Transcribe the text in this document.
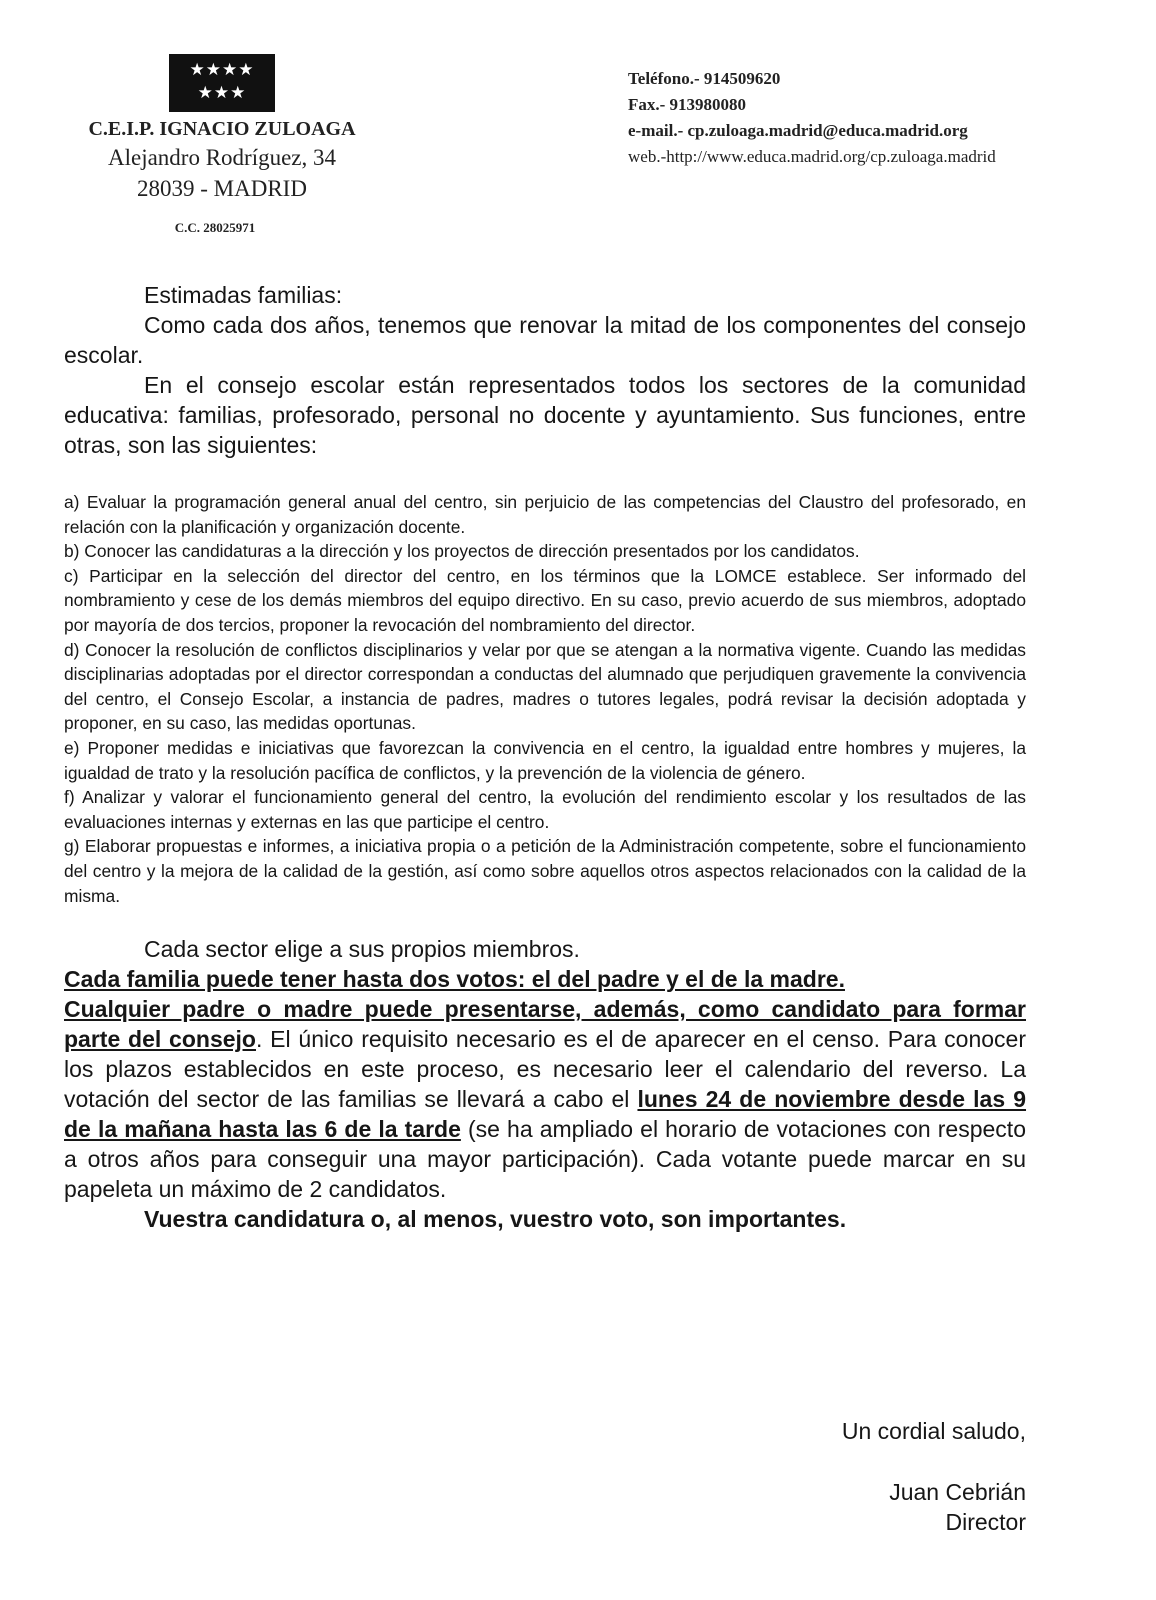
★★★★
★★★
C.E.I.P. IGNACIO ZULOAGA
Alejandro Rodríguez, 34
28039 - MADRID
C.C. 28025971
Teléfono.- 914509620
Fax.- 913980080
e-mail.- cp.zuloaga.madrid@educa.madrid.org
web.-http://www.educa.madrid.org/cp.zuloaga.madrid

Estimadas familias:

Como cada dos años, tenemos que renovar la mitad de los componentes del consejo escolar.

En el consejo escolar están representados todos los sectores de la comunidad educativa: familias, profesorado, personal no docente y ayuntamiento. Sus funciones, entre otras, son las siguientes:

a) Evaluar la programación general anual del centro, sin perjuicio de las competencias del Claustro del profesorado, en relación con la planificación y organización docente.

b) Conocer las candidaturas a la dirección y los proyectos de dirección presentados por los candidatos.

c) Participar en la selección del director del centro, en los términos que la LOMCE establece. Ser informado del nombramiento y cese de los demás miembros del equipo directivo. En su caso, previo acuerdo de sus miembros, adoptado por mayoría de dos tercios, proponer la revocación del nombramiento del director.

d) Conocer la resolución de conflictos disciplinarios y velar por que se atengan a la normativa vigente. Cuando las medidas disciplinarias adoptadas por el director correspondan a conductas del alumnado que perjudiquen gravemente la convivencia del centro, el Consejo Escolar, a instancia de padres, madres o tutores legales, podrá revisar la decisión adoptada y proponer, en su caso, las medidas oportunas.

e) Proponer medidas e iniciativas que favorezcan la convivencia en el centro, la igualdad entre hombres y mujeres, la igualdad de trato y la resolución pacífica de conflictos, y la prevención de la violencia de género.

f) Analizar y valorar el funcionamiento general del centro, la evolución del rendimiento escolar y los resultados de las evaluaciones internas y externas en las que participe el centro.

g) Elaborar propuestas e informes, a iniciativa propia o a petición de la Administración competente, sobre el funcionamiento del centro y la mejora de la calidad de la gestión, así como sobre aquellos otros aspectos relacionados con la calidad de la misma.

Cada sector elige a sus propios miembros.

Cada familia puede tener hasta dos votos: el del padre y el de la madre.

Cualquier padre o madre puede presentarse, además, como candidato para formar parte del consejo. El único requisito necesario es el de aparecer en el censo. Para conocer los plazos establecidos en este proceso, es necesario leer el calendario del reverso. La votación del sector de las familias se llevará a cabo el lunes 24 de noviembre desde las 9 de la mañana hasta las 6 de la tarde (se ha ampliado el horario de votaciones con respecto a otros años para conseguir una mayor participación). Cada votante puede marcar en su papeleta un máximo de 2 candidatos.

Vuestra candidatura o, al menos, vuestro voto, son importantes.

Un cordial saludo,
Juan Cebrián
Director
